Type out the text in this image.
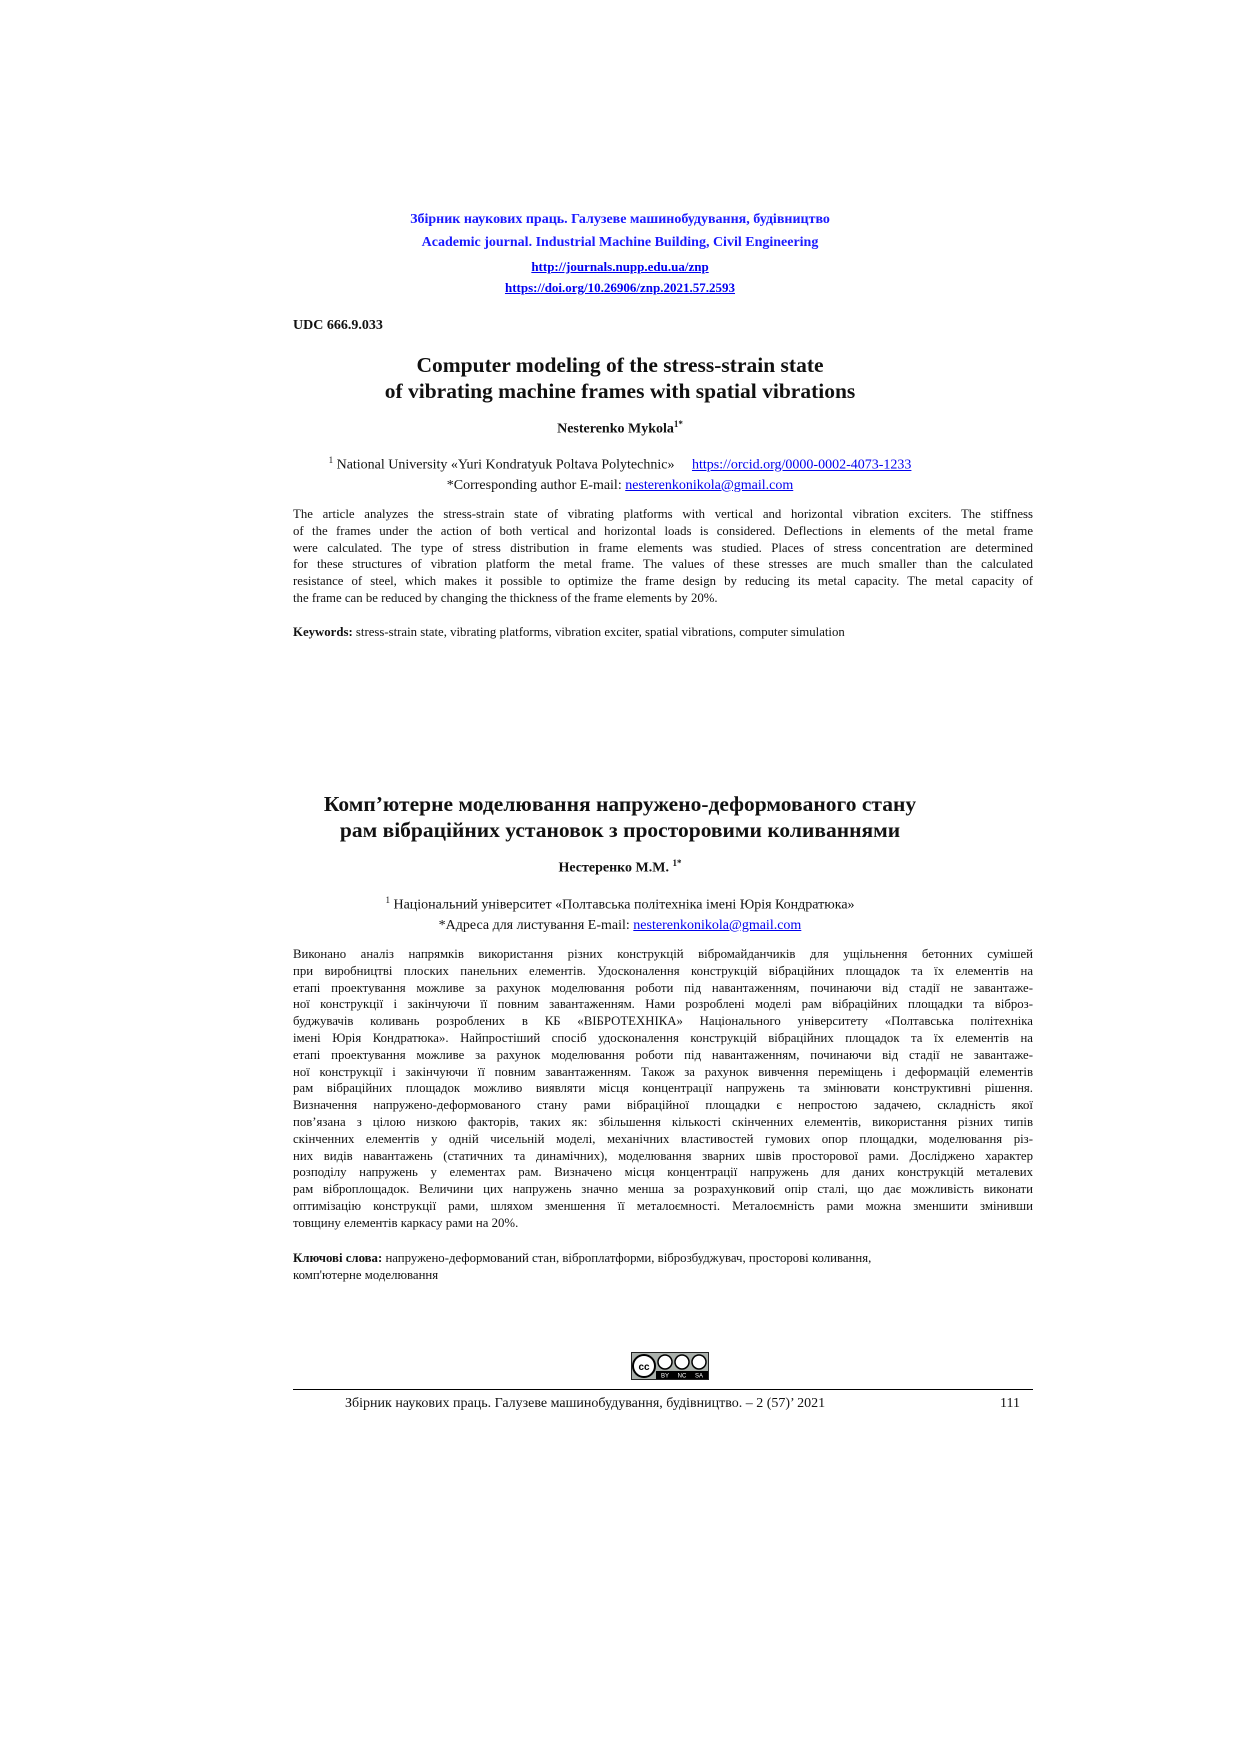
Збірник наукових праць. Галузеве машинобудування, будівництво
Academic journal. Industrial Machine Building, Civil Engineering
http://journals.nupp.edu.ua/znp
https://doi.org/10.26906/znp.2021.57.2593
UDC 666.9.033
Computer modeling of the stress-strain state
of vibrating machine frames with spatial vibrations
Nesterenko Mykola$^{1*}$
$^1$ National University «Yuri Kondratyuk Poltava Polytechnic» https://orcid.org/0000-0002-4073-1233
*Corresponding author E-mail: nesterenkonikola@gmail.com
The article analyzes the stress-strain state of vibrating platforms with vertical and horizontal vibration exciters. The stiffness
of the frames under the action of both vertical and horizontal loads is considered. Deflections in elements of the metal frame
were calculated. The type of stress distribution in frame elements was studied. Places of stress concentration are determined
for these structures of vibration platform the metal frame. The values of these stresses are much smaller than the calculated
resistance of steel, which makes it possible to optimize the frame design by reducing its metal capacity. The metal capacity of
the frame can be reduced by changing the thickness of the frame elements by 20%.
Keywords: stress-strain state, vibrating platforms, vibration exciter, spatial vibrations, computer simulation
Комп’ютерне моделювання напружено-деформованого стану
рам вібраційних установок з просторовими коливаннями
Нестеренко М.М. $^{1*}$
$^1$ Національний університет «Полтавська політехніка імені Юрія Кондратюка»
*Адреса для листування E-mail: nesterenkonikola@gmail.com
Виконано аналіз напрямків використання різних конструкцій вібромайданчиків для ущільнення бетонних сумішей
при виробництві плоских панельних елементів. Удосконалення конструкцій вібраційних площадок та їх елементів на
етапі проектування можливе за рахунок моделювання роботи під навантаженням, починаючи від стадії не завантаже-
ної конструкції і закінчуючи її повним завантаженням. Нами розроблені моделі рам вібраційних площадки та віброз-
буджувачів коливань розроблених в КБ «ВІБРОТЕХНІКА» Національного університету «Полтавська політехніка
імені Юрія Кондратюка». Найпростіший спосіб удосконалення конструкцій вібраційних площадок та їх елементів на
етапі проектування можливе за рахунок моделювання роботи під навантаженням, починаючи від стадії не завантаже-
ної конструкції і закінчуючи її повним завантаженням. Також за рахунок вивчення переміщень і деформацій елементів
рам вібраційних площадок можливо виявляти місця концентрації напружень та змінювати конструктивні рішення.
Визначення напружено-деформованого стану рами вібраційної площадки є непростою задачею, складність якої
пов’язана з цілою низкою факторів, таких як: збільшення кількості скінченних елементів, використання різних типів
скінченних елементів у одній чисельній моделі, механічних властивостей гумових опор площадки, моделювання різ-
них видів навантажень (статичних та динамічних), моделювання зварних швів просторової рами. Досліджено характер
розподілу напружень у елементах рам. Визначено місця концентрації напружень для даних конструкцій металевих
рам віброплощадок. Величини цих напружень значно менша за розрахунковий опір сталі, що дає можливість виконати
оптимізацію конструкції рами, шляхом зменшення її металоємності. Металоємність рами можна зменшити змінивши
товщину елементів каркасу рами на 20%.
Ключові слова: напружено-деформований стан, віброплатформи, віброзбуджувач, просторові коливання,
комп'ютерне моделювання
cc
BY NC SA
Збірник наукових праць. Галузеве машинобудування, будівництво. – 2 (57)’ 2021	111
